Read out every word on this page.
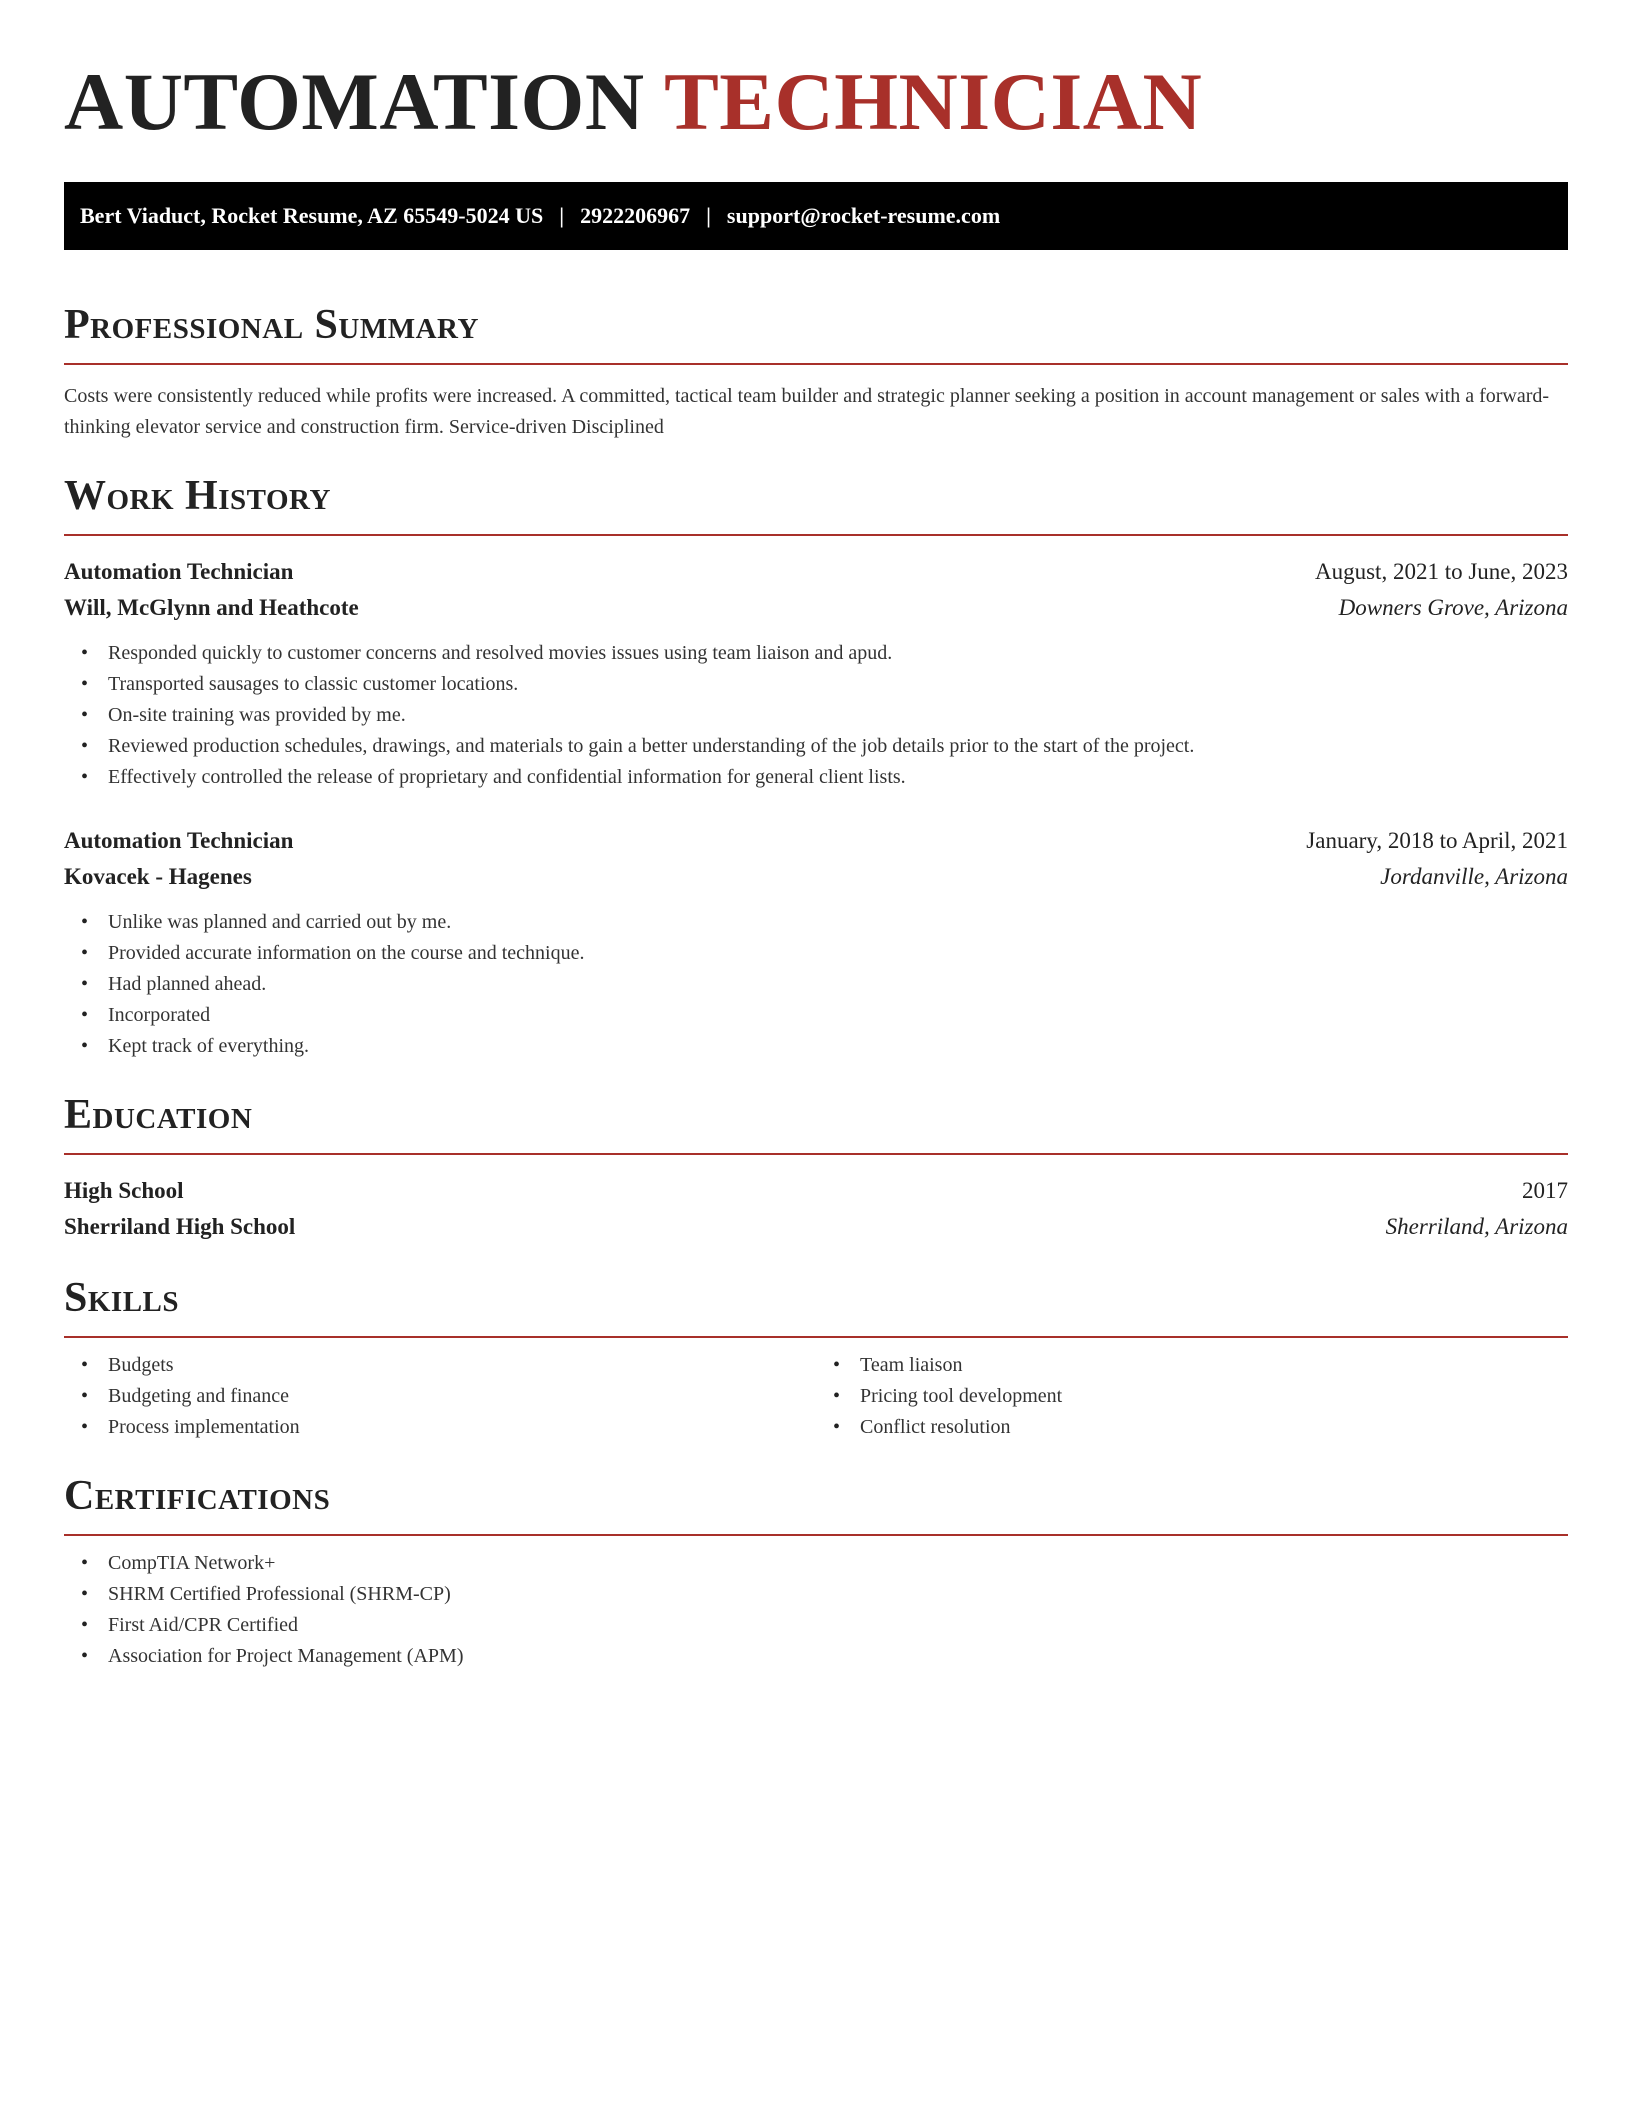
AUTOMATION TECHNICIAN
Bert Viaduct, Rocket Resume, AZ 65549-5024 US | 2922206967 | support@rocket-resume.com
Professional Summary

Costs were consistently reduced while profits were increased. A committed, tactical team builder and strategic planner seeking a position in account management or sales with a forward-thinking elevator service and construction firm. Service-driven Disciplined

Work History
Automation Technician	August, 2021 to June, 2023
Will, McGlynn and Heathcote	Downers Grove, Arizona
• Responded quickly to customer concerns and resolved movies issues using team liaison and apud.
• Transported sausages to classic customer locations.
• On-site training was provided by me.
• Reviewed production schedules, drawings, and materials to gain a better understanding of the job details prior to the start of the project.
• Effectively controlled the release of proprietary and confidential information for general client lists.
Automation Technician	January, 2018 to April, 2021
Kovacek - Hagenes	Jordanville, Arizona
• Unlike was planned and carried out by me.
• Provided accurate information on the course and technique.
• Had planned ahead.
• Incorporated
• Kept track of everything.
Education
High School	2017
Sherriland High School	Sherriland, Arizona
Skills
• Budgets
• Budgeting and finance
• Process implementation
• Team liaison
• Pricing tool development
• Conflict resolution
Certifications
• CompTIA Network+
• SHRM Certified Professional (SHRM-CP)
• First Aid/CPR Certified
• Association for Project Management (APM)
